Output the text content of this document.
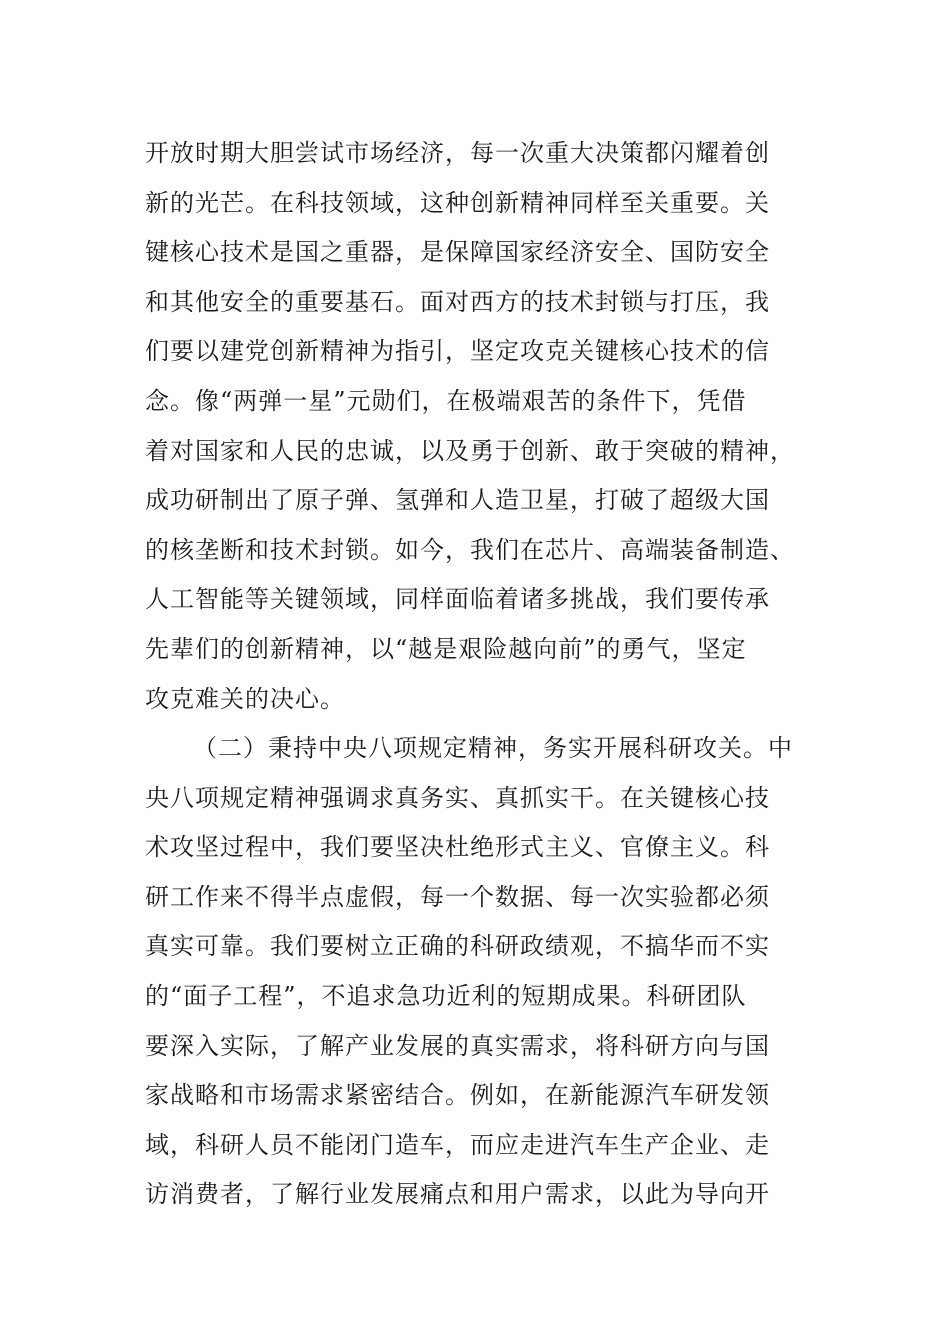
开放时期大胆尝试市场经济，每一次重大决策都闪耀着创
新的光芒。在科技领域，这种创新精神同样至关重要。关
键核心技术是国之重器，是保障国家经济安全、国防安全
和其他安全的重要基石。面对西方的技术封锁与打压，我
们要以建党创新精神为指引，坚定攻克关键核心技术的信
念。像“两弹一星”元勋们，在极端艰苦的条件下，凭借
着对国家和人民的忠诚，以及勇于创新、敢于突破的精神，
成功研制出了原子弹、氢弹和人造卫星，打破了超级大国
的核垄断和技术封锁。如今，我们在芯片、高端装备制造、
人工智能等关键领域，同样面临着诸多挑战，我们要传承
先辈们的创新精神，以“越是艰险越向前”的勇气，坚定
攻克难关的决心。
（二）秉持中央八项规定精神，务实开展科研攻关。中
央八项规定精神强调求真务实、真抓实干。在关键核心技
术攻坚过程中，我们要坚决杜绝形式主义、官僚主义。科
研工作来不得半点虚假，每一个数据、每一次实验都必须
真实可靠。我们要树立正确的科研政绩观，不搞华而不实
的“面子工程”，不追求急功近利的短期成果。科研团队
要深入实际，了解产业发展的真实需求，将科研方向与国
家战略和市场需求紧密结合。例如，在新能源汽车研发领
域，科研人员不能闭门造车，而应走进汽车生产企业、走
访消费者，了解行业发展痛点和用户需求，以此为导向开
